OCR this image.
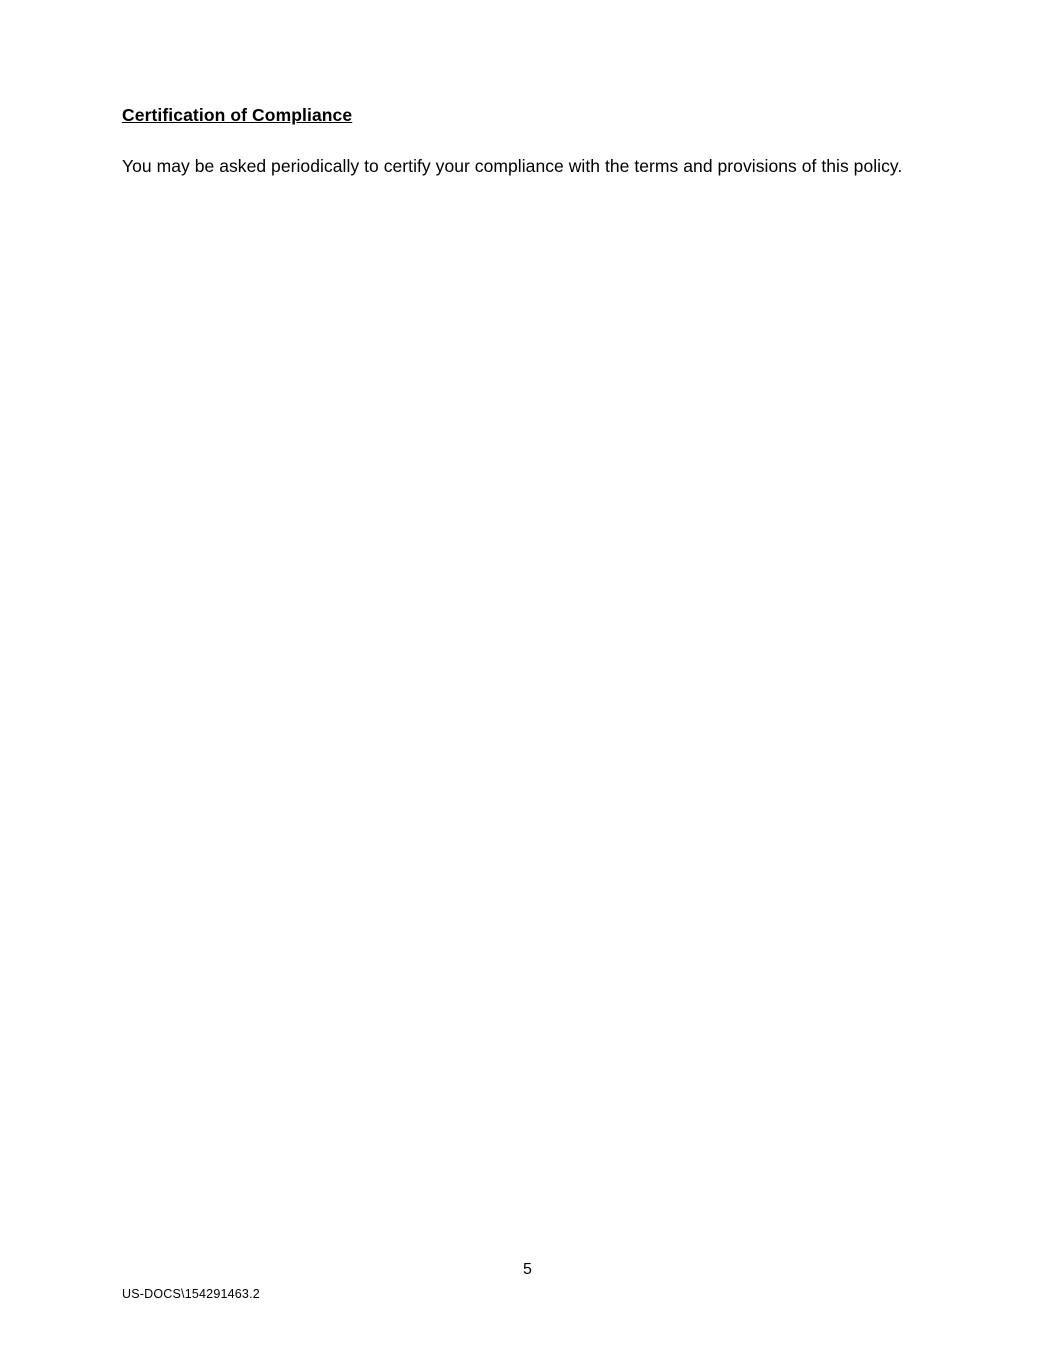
Certification of Compliance

You may be asked periodically to certify your compliance with the terms and provisions of this policy.

5
US-DOCS\154291463.2
